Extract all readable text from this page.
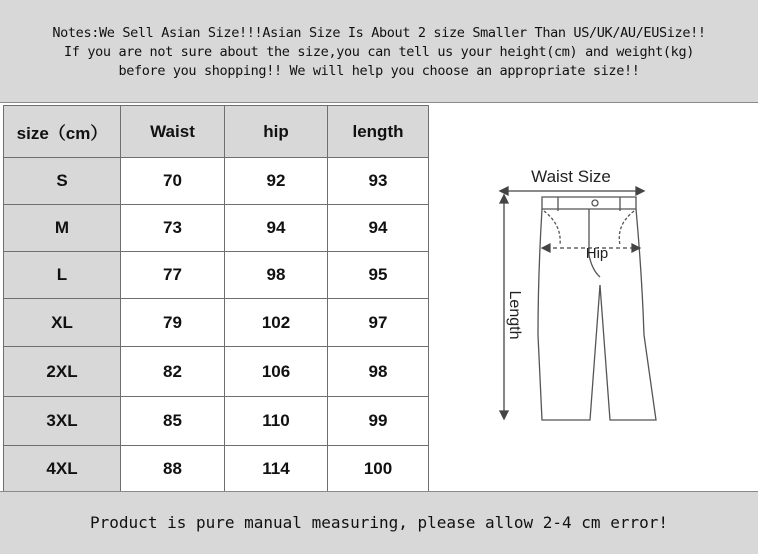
Notes:We Sell Asian Size!!!Asian Size Is About 2 size Smaller Than US/UK/AU/EUSize!!
If you are not sure about the size,you can tell us your height(cm) and weight(kg)
before you shopping!! We will help you choose an appropriate size!!
size（cm）	Waist	hip	length
S	70	92	93
M	73	94	94
L	77	98	95
XL	79	102	97
2XL	82	106	98
3XL	85	110	99
4XL	88	114	100
Waist Size
Length
Hip
Product is pure manual measuring, please allow 2-4 cm error!
